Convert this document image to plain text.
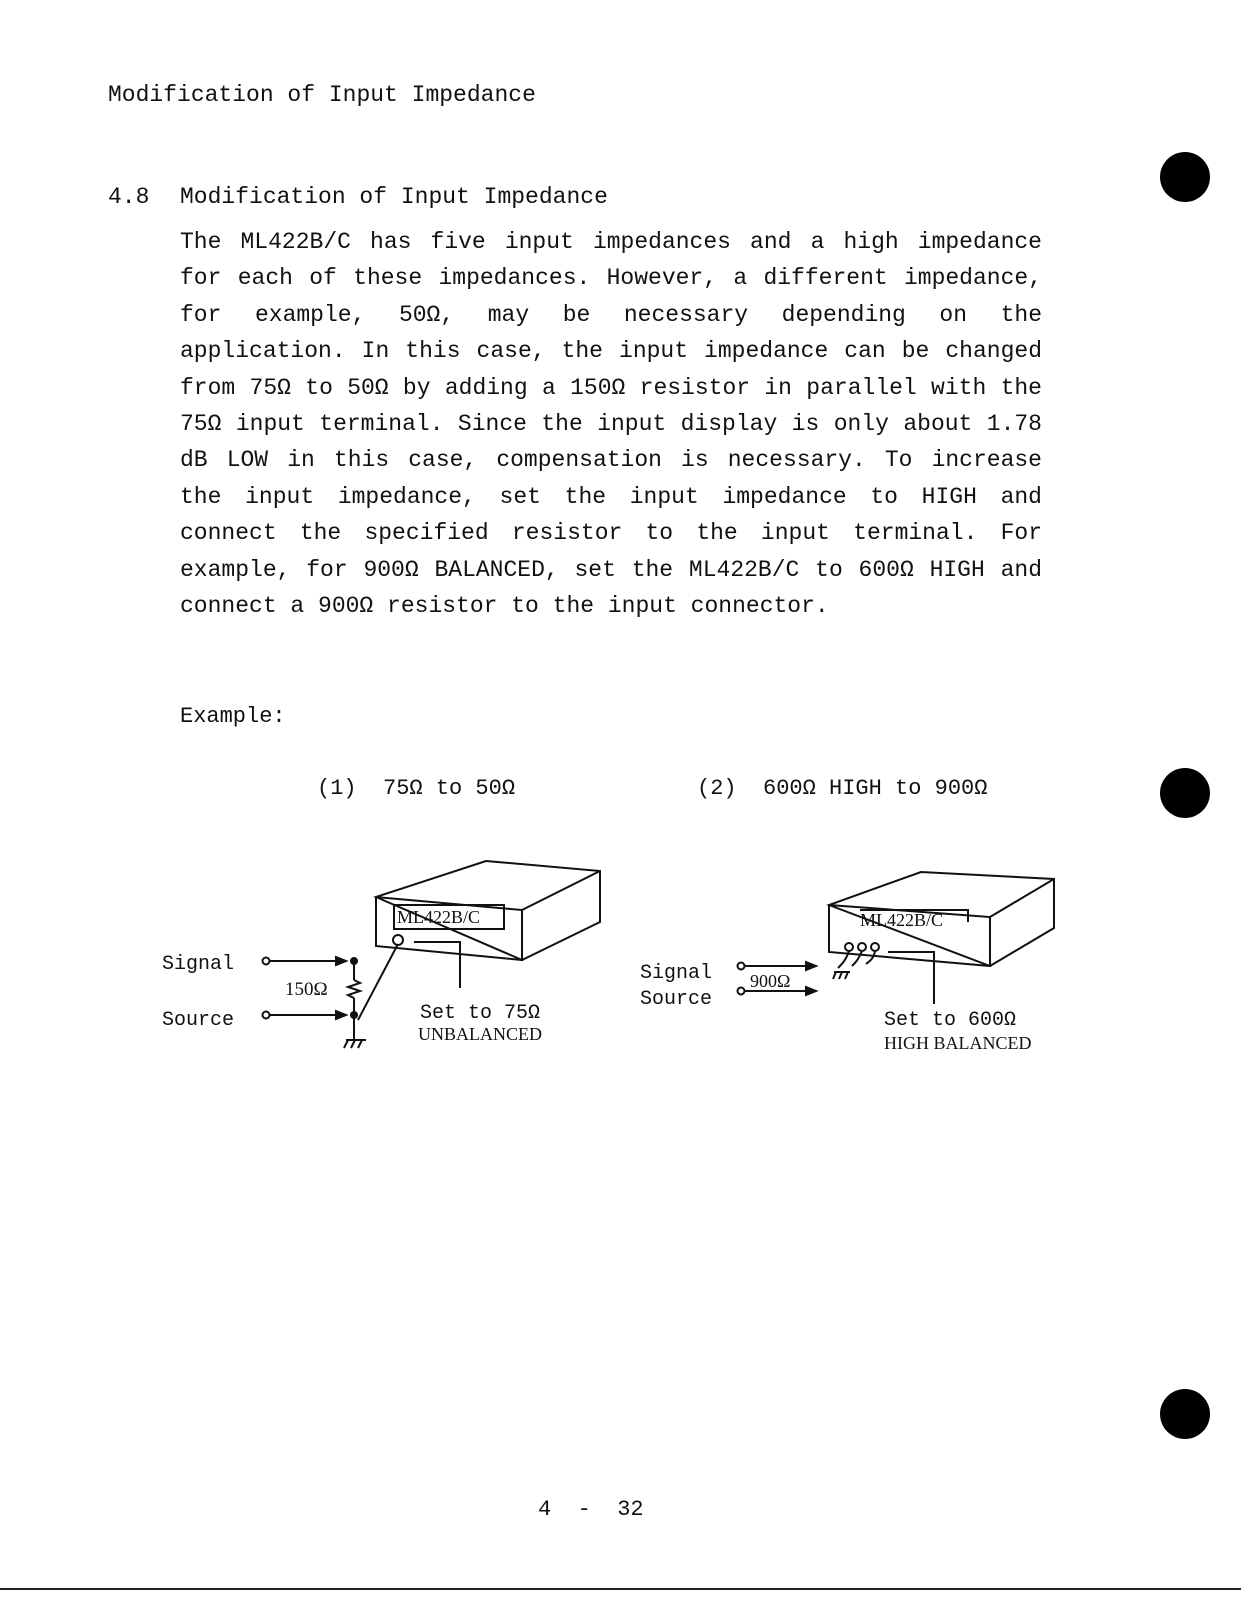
Modification of Input Impedance
4.8 Modification of Input Impedance
The ML422B/C has five input impedances and a high impedance for each of these impedances. However, a different impedance, for example, 50Ω, may be necessary depending on the application. In this case, the input impedance can be changed from 75Ω to 50Ω by adding a 150Ω resistor in parallel with the 75Ω input terminal. Since the input display is only about 1.78 dB LOW in this case, compensation is necessary. To increase the input impedance, set the input impedance to HIGH and connect the specified resistor to the input terminal. For example, for 900Ω BALANCED, set the ML422B/C to 600Ω HIGH and connect a 900Ω resistor to the input connector.
Example:
(1)  75Ω to 50Ω	(2)  600Ω HIGH to 900Ω
ML422B/C
Signal
Source
150Ω
Set to 75Ω
UNBALANCED
ML422B/C
Signal
Source
900Ω
Set to 600Ω
HIGH BALANCED
4  -  32
